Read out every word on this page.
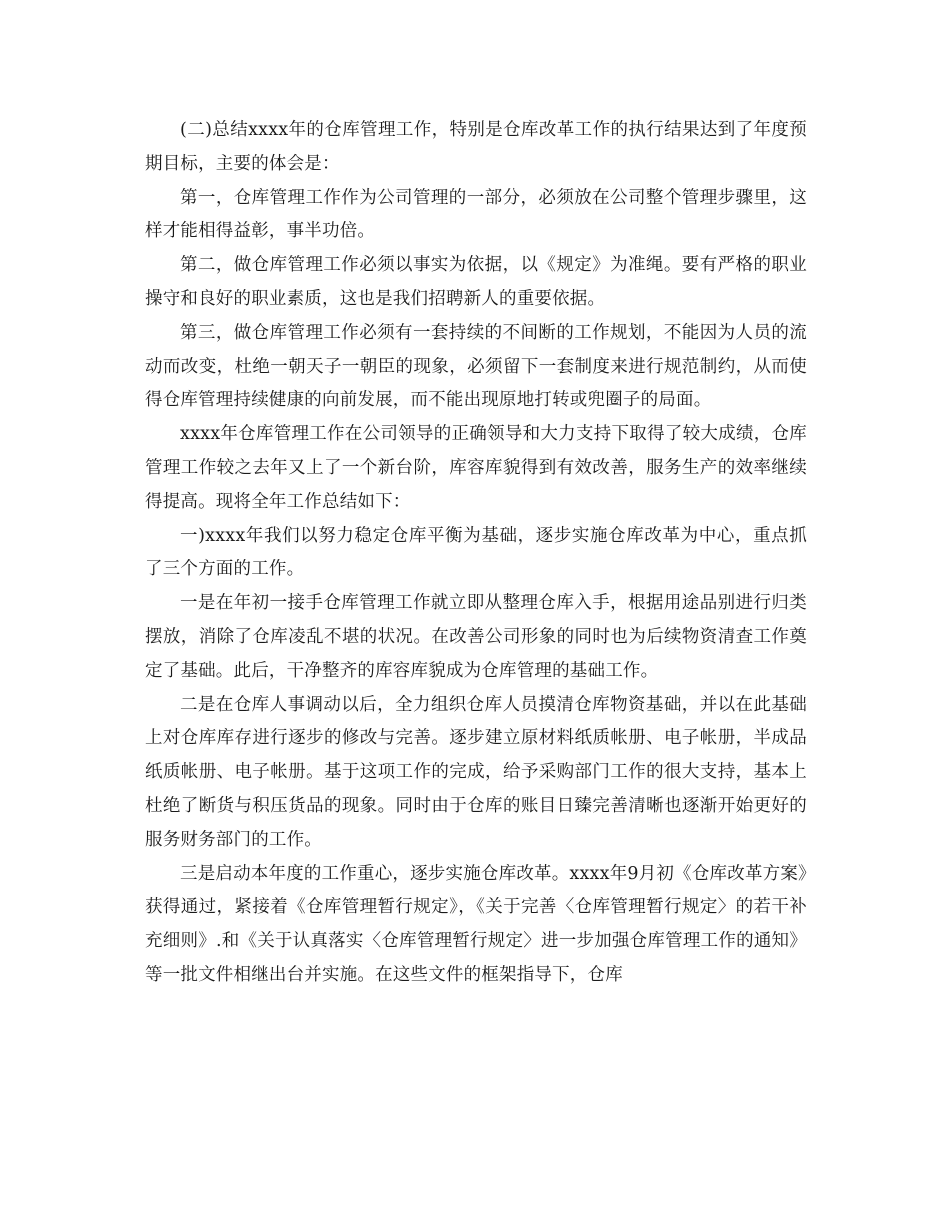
(二)总结xxxx年的仓库管理工作，特别是仓库改革工作的执行结果达到了年度预期目标，主要的体会是：

第一，仓库管理工作作为公司管理的一部分，必须放在公司整个管理步骤里，这样才能相得益彰，事半功倍。

第二，做仓库管理工作必须以事实为依据，以《规定》为准绳。要有严格的职业操守和良好的职业素质，这也是我们招聘新人的重要依据。

第三，做仓库管理工作必须有一套持续的不间断的工作规划，不能因为人员的流动而改变，杜绝一朝天子一朝臣的现象，必须留下一套制度来进行规范制约，从而使得仓库管理持续健康的向前发展，而不能出现原地打转或兜圈子的局面。

xxxx年仓库管理工作在公司领导的正确领导和大力支持下取得了较大成绩，仓库管理工作较之去年又上了一个新台阶，库容库貌得到有效改善，服务生产的效率继续得提高。现将全年工作总结如下：

一)xxxx年我们以努力稳定仓库平衡为基础，逐步实施仓库改革为中心，重点抓了三个方面的工作。

一是在年初一接手仓库管理工作就立即从整理仓库入手，根据用途品别进行归类摆放，消除了仓库凌乱不堪的状况。在改善公司形象的同时也为后续物资清查工作奠定了基础。此后，干净整齐的库容库貌成为仓库管理的基础工作。

二是在仓库人事调动以后，全力组织仓库人员摸清仓库物资基础，并以在此基础上对仓库库存进行逐步的修改与完善。逐步建立原材料纸质帐册、电子帐册，半成品纸质帐册、电子帐册。基于这项工作的完成，给予采购部门工作的很大支持，基本上杜绝了断货与积压货品的现象。同时由于仓库的账目日臻完善清晰也逐渐开始更好的服务财务部门的工作。

三是启动本年度的工作重心，逐步实施仓库改革。xxxx年9月初《仓库改革方案》获得通过，紧接着《仓库管理暂行规定》，《关于完善〈仓库管理暂行规定〉的若干补充细则》.和《关于认真落实〈仓库管理暂行规定〉进一步加强仓库管理工作的通知》等一批文件相继出台并实施。在这些文件的框架指导下，仓库
